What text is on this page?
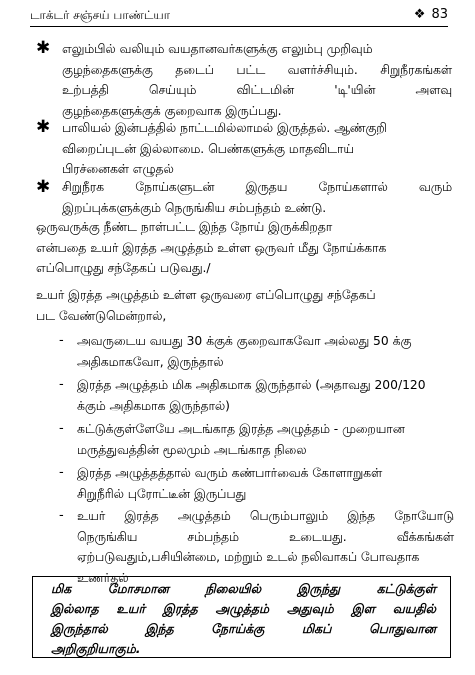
டாக்டர் சஞ்சய் பாண்ட்யா	❖ 83
✱ எலும்பில் வலியும் வயதானவர்களுக்கு எலும்பு முறிவும்
குழந்தைகளுக்கு தடைப் பட்ட வளர்ச்சியும். சிறுநீரகங்கள்
உற்பத்தி செய்யும் விட்டமின் 'டி'யின் அளவு
குழந்தைகளுக்குக் குறைவாக இருப்பது.
✱ பாலியல் இன்பத்தில் நாட்டமில்லாமல் இருத்தல். ஆண்குறி
விறைப்புடன் இல்லாமை. பெண்களுக்கு மாதவிடாய்
பிரச்னைகள் எழுதல்
✱ சிறுநீரக நோய்களுடன் இருதய நோய்களால் வரும்
இறப்புக்களுக்கும் நெருங்கிய சம்பந்தம் உண்டு.
ஒருவருக்கு நீண்ட நாள்பட்ட இந்த நோய் இருக்கிறதா
என்பதை உயர் இரத்த அழுத்தம் உள்ள ஒருவர் மீது நோய்க்காக
எப்பொழுது சந்தேகப் படுவது./
உயர் இரத்த அழுத்தம் உள்ள ஒருவரை எப்பொழுது சந்தேகப்
பட வேண்டுமென்றால்,
- அவருடைய வயது 30 க்குக் குறைவாகவோ அல்லது 50 க்கு
அதிகமாகவோ, இருந்தால்
- இரத்த அழுத்தம் மிக அதிகமாக இருந்தால் (அதாவது 200/120
க்கும் அதிகமாக இருந்தால்)
- கட்டுக்குள்ளேயே அடங்காத இரத்த அழுத்தம் - முறையான
மருத்துவத்தின் மூலமும் அடங்காத நிலை
- இரத்த அழுத்தத்தால் வரும் கண்பார்வைக் கோளாறுகள்
சிறுநீரில் புரோட்டீன் இருப்பது
- உயர் இரத்த அழுத்தம் பெரும்பாலும் இந்த நோயோடு
நெருங்கிய சம்பந்தம் உடையது. வீக்கங்கள்
ஏற்படுவதும்,பசியின்மை, மற்றும் உடல் நலிவாகப் போவதாக
உணர்தல்
மிக மோசமான நிலையில் இருந்து கட்டுக்குள்
இல்லாத உயர் இரத்த அழுத்தம் அதுவும் இள வயதில்
இருந்தால் இந்த நோய்க்கு மிகப் பொதுவான
அறிகுறியாகும்.
